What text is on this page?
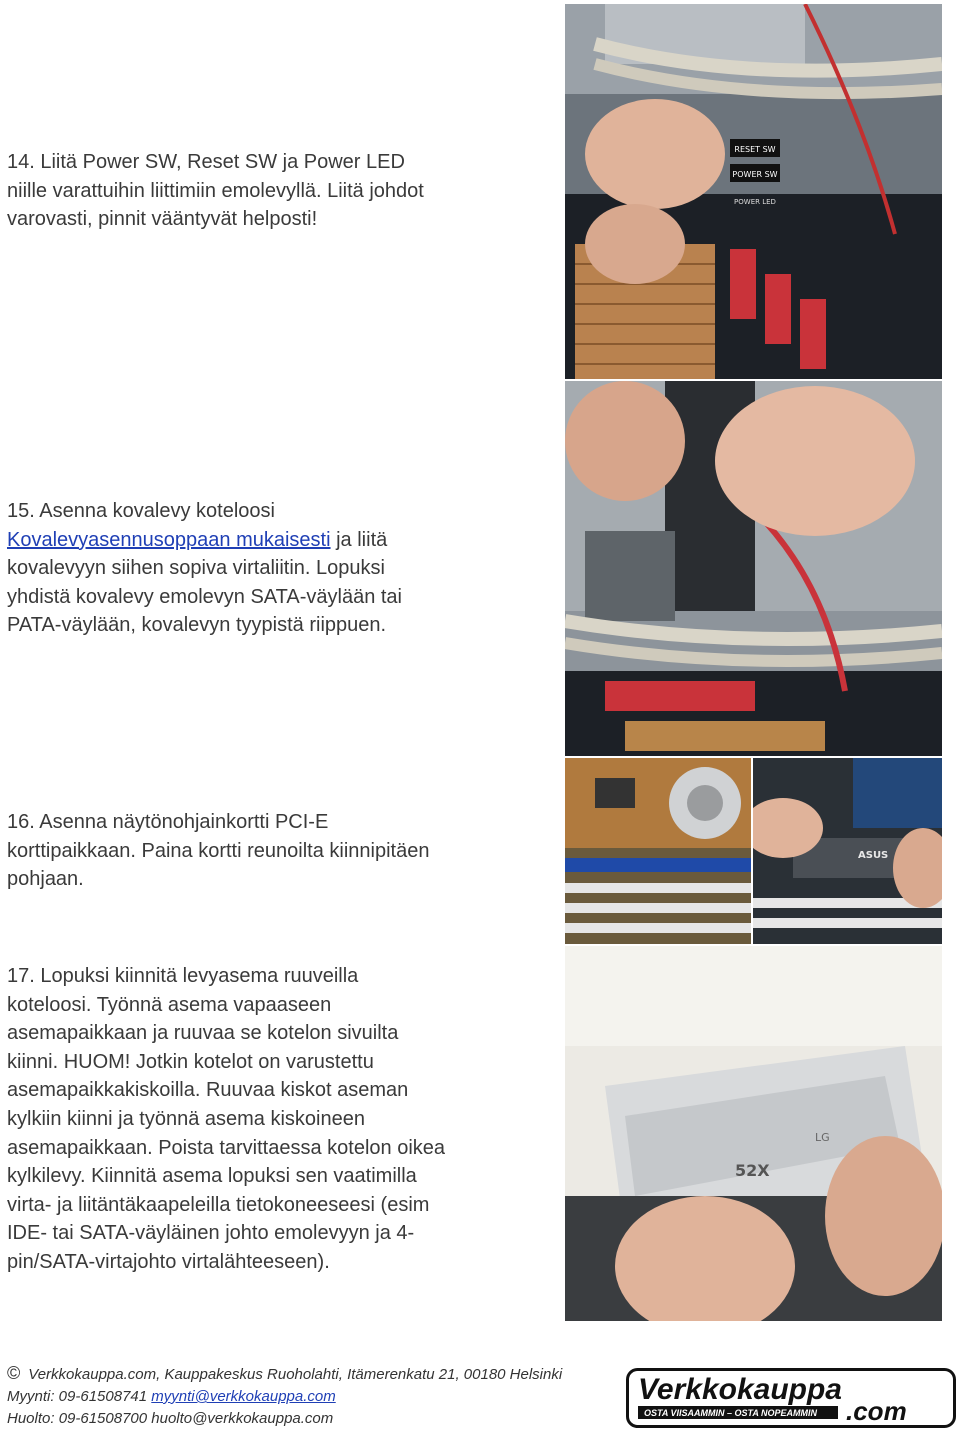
14. Liitä Power SW, Reset SW ja Power LED niille varattuihin liittimiin emolevyllä. Liitä johdot varovasti, pinnit vääntyvät helposti!

15. Asenna kovalevy koteloosi Kovalevyasennusoppaan mukaisesti ja liitä kovalevyyn siihen sopiva virtaliitin. Lopuksi yhdistä kovalevy emolevyn SATA-väylään tai PATA-väylään, kovalevyn tyypistä riippuen.

16. Asenna näytönohjainkortti PCI-E korttipaikkaan. Paina kortti reunoilta kiinnipitäen pohjaan.

17. Lopuksi kiinnitä levyasema ruuveilla koteloosi. Työnnä asema vapaaseen asemapaikkaan ja ruuvaa se kotelon sivuilta kiinni. HUOM! Jotkin kotelot on varustettu asemapaikkakiskoilla. Ruuvaa kiskot aseman kylkiin kiinni ja työnnä asema kiskoineen asemapaikkaan. Poista tarvittaessa kotelon oikea kylkilevy. Kiinnitä asema lopuksi sen vaatimilla virta- ja liitäntäkaapeleilla tietokoneeseesi (esim IDE- tai SATA-väyläinen johto emolevyyn ja 4-pin/SATA-virtajohto virtalähteeseen).

RESET SW
POWER SW
POWER LED
ASUS
52X
LG
© Verkkokauppa.com, Kauppakeskus Ruoholahti, Itämerenkatu 21, 00180 Helsinki
Myynti: 09-61508741 myynti@verkkokauppa.com
Huolto: 09-61508700 huolto@verkkokauppa.com
Verkkokauppa
.com
OSTA VIISAAMMIN – OSTA NOPEAMMIN
